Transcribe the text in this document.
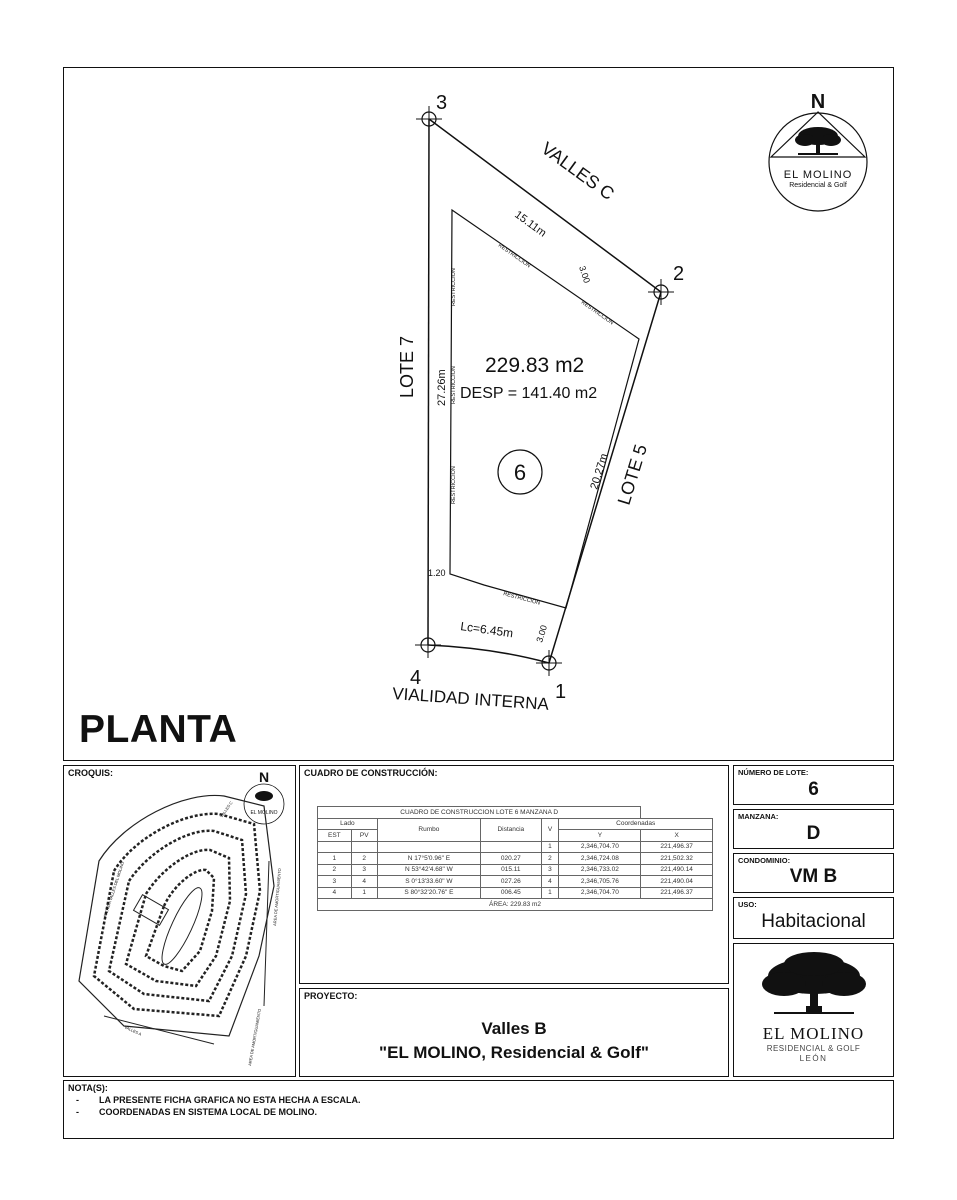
3
2
4
1
VALLES C
VIALIDAD INTERNA
LOTE 7
LOTE 5
15.11m
27.26m
20.27m
Lc=6.45m
3.00
3.00
1.20
RESTRICCION
RESTRICCION
RESTRICCION
RESTRICCION
RESTRICCION
RESTRICCION
229.83 m2
DESP = 141.40 m2
6
N
EL MOLINO
Residencial & Golf
PLANTA
CROQUIS:	N
EL MOLINO
AVENIDA VALLES DEL MOLINO
VALLES C
VALLES A
AREA DE AMORTIGUAMIENTO
AREA DE AMORTIGUAMIENTO
CUADRO DE CONSTRUCCIÓN:
CUADRO DE CONSTRUCCION LOTE 6 MANZANA D						
Lado		Rumbo	Distancia	V	Coordenadas	
EST	PV				Y	X
				1	2,346,704.70	221,496.37
1	2	N 17°5'0.96" E	020.27	2	2,346,724.08	221,502.32
2	3	N 53°42'4.68" W	015.11	3	2,346,733.02	221,490.14
3	4	S 0°13'33.60" W	027.26	4	2,346,705.76	221,490.04
4	1	S 80°32'20.76" E	006.45	1	2,346,704.70	221,496.37
ÁREA: 229.83 m2						
PROYECTO:
Valles B
"EL MOLINO, Residencial & Golf"
NÚMERO DE LOTE:
6
MANZANA:
D
CONDOMINIO:
VM B
USO:
Habitacional
EL MOLINO
RESIDENCIAL & GOLF
LEÓN
NOTA(S):
- LA PRESENTE FICHA GRAFICA NO ESTA HECHA A ESCALA.
- COORDENADAS EN SISTEMA LOCAL DE MOLINO.
